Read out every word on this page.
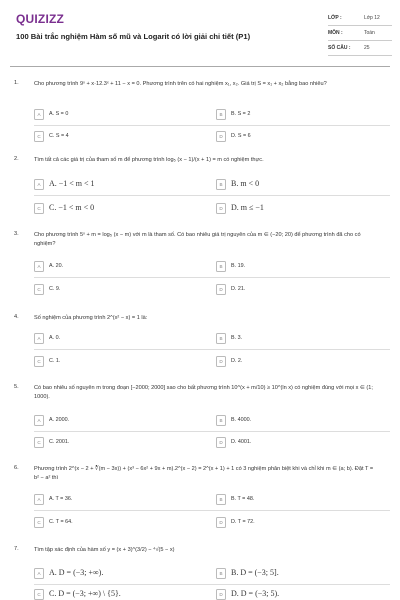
QUIZIZZ
100 Bài trắc nghiệm Hàm số mũ và Logarit có lời giải chi tiết (P1)
LỚP :	Lớp 12
MÔN :	Toán
SỐ CÂU :	25
1.	Cho phương trình 9ˣ + x·12.3ˣ + 11 − x = 0. Phương trình trên có hai nghiệm x₁, x₂. Giá trị S = x₁ + x₂ bằng bao nhiêu?
A	A. S = 0	B	B. S = 2
C	C. S = 4	D	D. S = 6
2.	Tìm tất cả các giá trị của tham số m để phương trình log₅ (x − 1)/(x + 1) = m có nghiệm thực.
A	A. −1 < m < 1	B	B. m < 0
C	C. −1 < m < 0	D	D. m ≤ −1
3.	Cho phương trình 5ˣ + m = log₅ (x − m) với m là tham số. Có bao nhiêu giá trị nguyên của m ∈ (−20; 20) để phương trình đã cho có nghiệm?
A	A. 20.	B	B. 19.
C	C. 9.	D	D. 21.
4.	Số nghiệm của phương trình 2^(x² − x) = 1 là:
A	A. 0.	B	B. 3.
C	C. 1.	D	D. 2.
5.	Có bao nhiêu số nguyên m trong đoạn [−2000; 2000] sao cho bất phương trình 10^(x + m/10) ≥ 10^(ln x) có nghiệm đúng với mọi x ∈ (1; 1000).
A	A. 2000.	B	B. 4000.
C	C. 2001.	D	D. 4001.
6.	Phương trình 2^(x − 2 + ∛(m − 3x)) + (x³ − 6x² + 9x + m).2^(x − 2) = 2^(x + 1) + 1 có 3 nghiệm phân biệt khi và chỉ khi m ∈ (a; b). Đặt T = b² − a² thì
A	A. T = 36.	B	B. T = 48.
C	C. T = 64.	D	D. T = 72.
7.	Tìm tập xác định của hàm số y = (x + 3)^(3/2) − ⁴√(5 − x)
A	A. D = (−3; +∞).	B	B. D = (−3; 5].
C	C. D = (−3; +∞) \ {5}.	D	D. D = (−3; 5).
